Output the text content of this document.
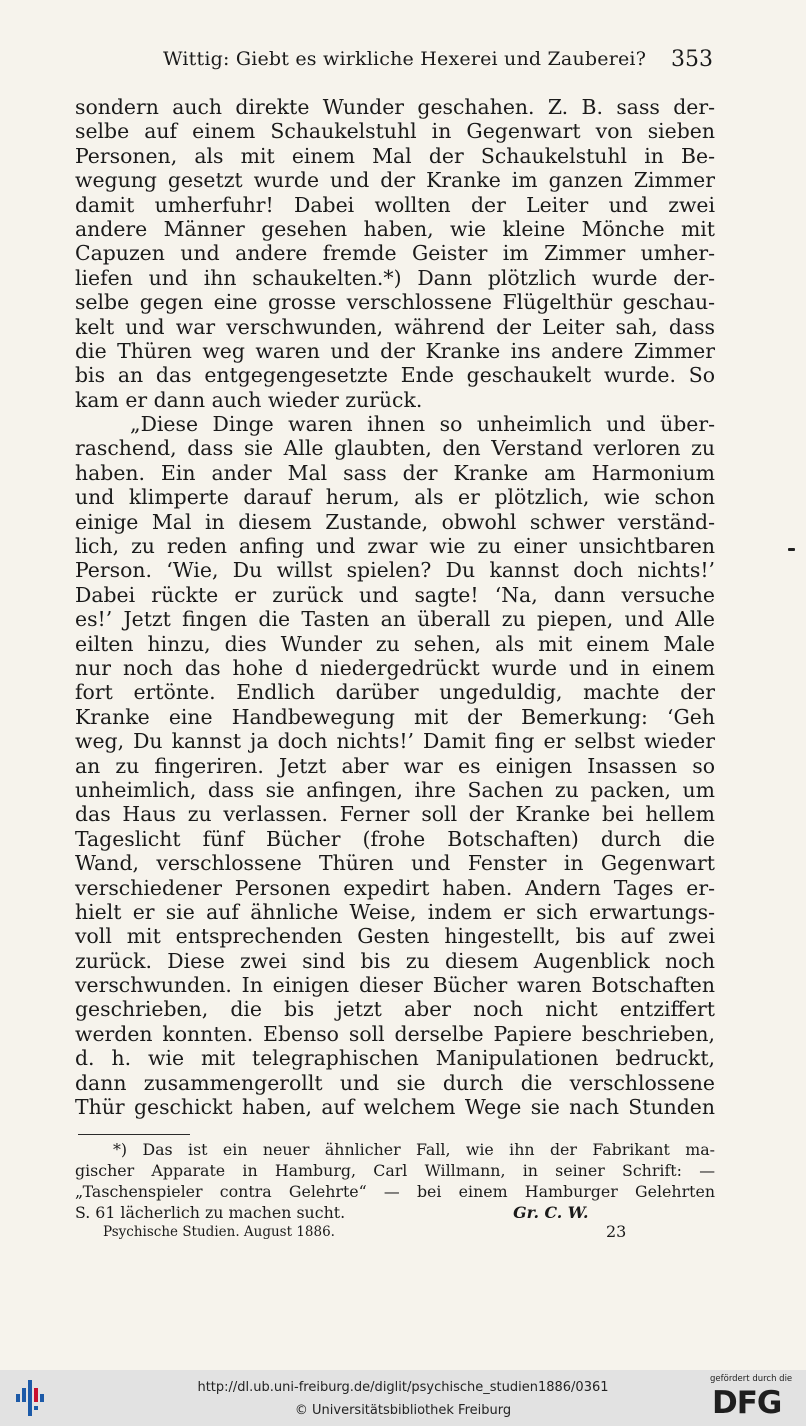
Wittig: Giebt es wirkliche Hexerei und Zauberei? 353
sondern auch direkte Wunder geschahen. Z. B. sass der-
selbe auf einem Schaukelstuhl in Gegenwart von sieben
Personen, als mit einem Mal der Schaukelstuhl in Be-
wegung gesetzt wurde und der Kranke im ganzen Zimmer
damit umherfuhr! Dabei wollten der Leiter und zwei
andere Männer gesehen haben, wie kleine Mönche mit
Capuzen und andere fremde Geister im Zimmer umher-
liefen und ihn schaukelten.*) Dann plötzlich wurde der-
selbe gegen eine grosse verschlossene Flügelthür geschau-
kelt und war verschwunden, während der Leiter sah, dass
die Thüren weg waren und der Kranke ins andere Zimmer
bis an das entgegengesetzte Ende geschaukelt wurde. So
kam er dann auch wieder zurück.
„Diese Dinge waren ihnen so unheimlich und über-
raschend, dass sie Alle glaubten, den Verstand verloren zu
haben. Ein ander Mal sass der Kranke am Harmonium
und klimperte darauf herum, als er plötzlich, wie schon
einige Mal in diesem Zustande, obwohl schwer verständ-
lich, zu reden anfing und zwar wie zu einer unsichtbaren
Person. ‘Wie, Du willst spielen? Du kannst doch nichts!’
Dabei rückte er zurück und sagte! ‘Na, dann versuche
es!’ Jetzt fingen die Tasten an überall zu piepen, und Alle
eilten hinzu, dies Wunder zu sehen, als mit einem Male
nur noch das hohe d niedergedrückt wurde und in einem
fort ertönte. Endlich darüber ungeduldig, machte der
Kranke eine Handbewegung mit der Bemerkung: ‘Geh
weg, Du kannst ja doch nichts!’ Damit fing er selbst wieder
an zu fingeriren. Jetzt aber war es einigen Insassen so
unheimlich, dass sie anfingen, ihre Sachen zu packen, um
das Haus zu verlassen. Ferner soll der Kranke bei hellem
Tageslicht fünf Bücher (frohe Botschaften) durch die
Wand, verschlossene Thüren und Fenster in Gegenwart
verschiedener Personen expedirt haben. Andern Tages er-
hielt er sie auf ähnliche Weise, indem er sich erwartungs-
voll mit entsprechenden Gesten hingestellt, bis auf zwei
zurück. Diese zwei sind bis zu diesem Augenblick noch
verschwunden. In einigen dieser Bücher waren Botschaften
geschrieben, die bis jetzt aber noch nicht entziffert
werden konnten. Ebenso soll derselbe Papiere beschrieben,
d. h. wie mit telegraphischen Manipulationen bedruckt,
dann zusammengerollt und sie durch die verschlossene
Thür geschickt haben, auf welchem Wege sie nach Stunden
*) Das ist ein neuer ähnlicher Fall, wie ihn der Fabrikant ma-
gischer Apparate in Hamburg, Carl Willmann, in seiner Schrift: —
„Taschenspieler contra Gelehrte“ — bei einem Hamburger Gelehrten
S. 61 lächerlich zu machen sucht.	Gr. C. W.
Psychische Studien. August 1886.	23
http://dl.ub.uni-freiburg.de/diglit/psychische_studien1886/0361
© Universitätsbibliothek Freiburg
gefördert durch die
DFG
